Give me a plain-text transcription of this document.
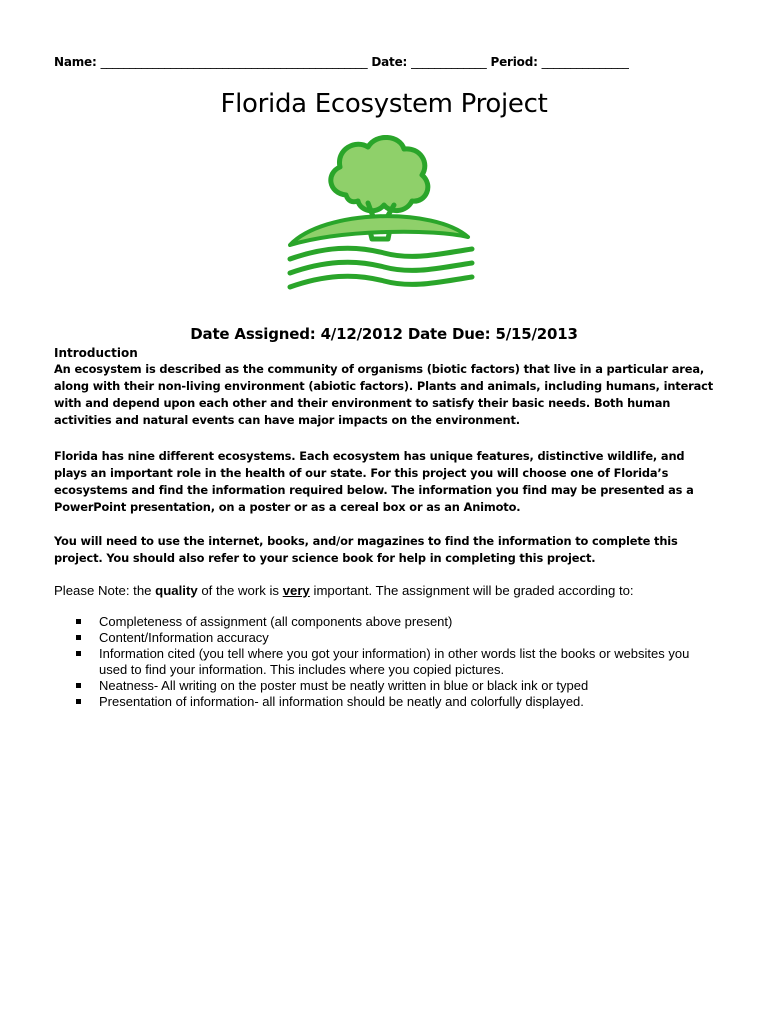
Name: ______________________________________________ Date: _____________ Period: _______________
Florida Ecosystem Project
Date Assigned: 4/12/2012 Date Due: 5/15/2013
Introduction
An ecosystem is described as the community of organisms (biotic factors) that live in a particular area, along with their non-living environment (abiotic factors). Plants and animals, including humans, interact with and depend upon each other and their environment to satisfy their basic needs. Both human activities and natural events can have major impacts on the environment.
Florida has nine different ecosystems. Each ecosystem has unique features, distinctive wildlife, and plays an important role in the health of our state. For this project you will choose one of Florida’s ecosystems and find the information required below. The information you find may be presented as a PowerPoint presentation, on a poster or as a cereal box or as an Animoto.
You will need to use the internet, books, and/or magazines to find the information to complete this project. You should also refer to your science book for help in completing this project.
Please Note: the quality of the work is very important. The assignment will be graded according to:
Completeness of assignment (all components above present)
Content/Information accuracy
Information cited (you tell where you got your information) in other words list the books or websites you used to find your information. This includes where you copied pictures.
Neatness- All writing on the poster must be neatly written in blue or black ink or typed
Presentation of information- all information should be neatly and colorfully displayed.
